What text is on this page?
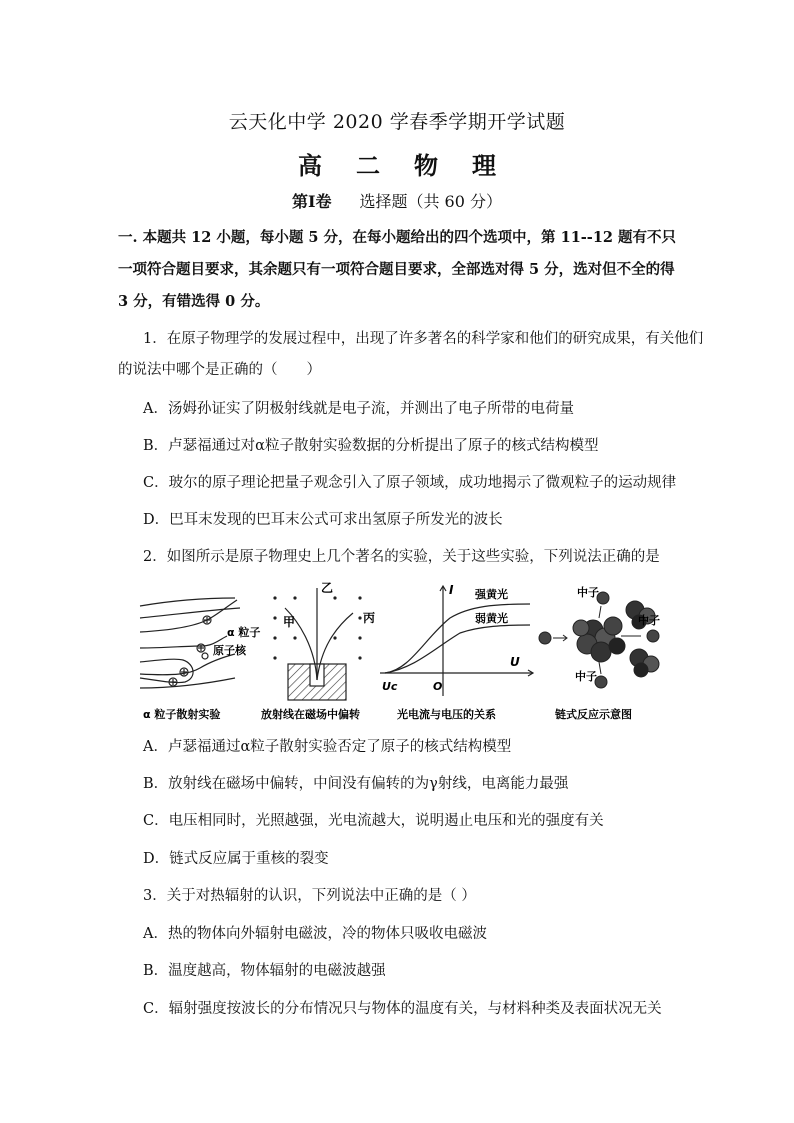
云天化中学 2020 学春季学期开学试题
高二物理
第Ⅰ卷 选择题（共 60 分）
一. 本题共 12 小题，每小题 5 分，在每小题给出的四个选项中，第 11--12 题有不只一项符合题目要求，其余题只有一项符合题目要求，全部选对得 5 分，选对但不全的得 3 分，有错选得 0 分。
1．在原子物理学的发展过程中，出现了许多著名的科学家和他们的研究成果，有关他们
的说法中哪个是正确的（　　）
A．汤姆孙证实了阴极射线就是电子流，并测出了电子所带的电荷量
B．卢瑟福通过对α粒子散射实验数据的分析提出了原子的核式结构模型
C．玻尔的原子理论把量子观念引入了原子领域，成功地揭示了微观粒子的运动规律
D．巴耳末发现的巴耳末公式可求出氢原子所发光的波长
2．如图所示是原子物理史上几个著名的实验，关于这些实验，下列说法正确的是
α 粒子
原子核
α 粒子散射实验
甲
乙
丙
放射线在磁场中偏转
I
U
强黄光
弱黄光
Uc	O
光电流与电压的关系
中子
中子
中子
链式反应示意图
A．卢瑟福通过α粒子散射实验否定了原子的核式结构模型
B．放射线在磁场中偏转，中间没有偏转的为γ射线，电离能力最强
C．电压相同时，光照越强，光电流越大，说明遏止电压和光的强度有关
D．链式反应属于重核的裂变
3．关于对热辐射的认识，下列说法中正确的是（ ）
A．热的物体向外辐射电磁波，冷的物体只吸收电磁波
B．温度越高，物体辐射的电磁波越强
C．辐射强度按波长的分布情况只与物体的温度有关，与材料种类及表面状况无关
